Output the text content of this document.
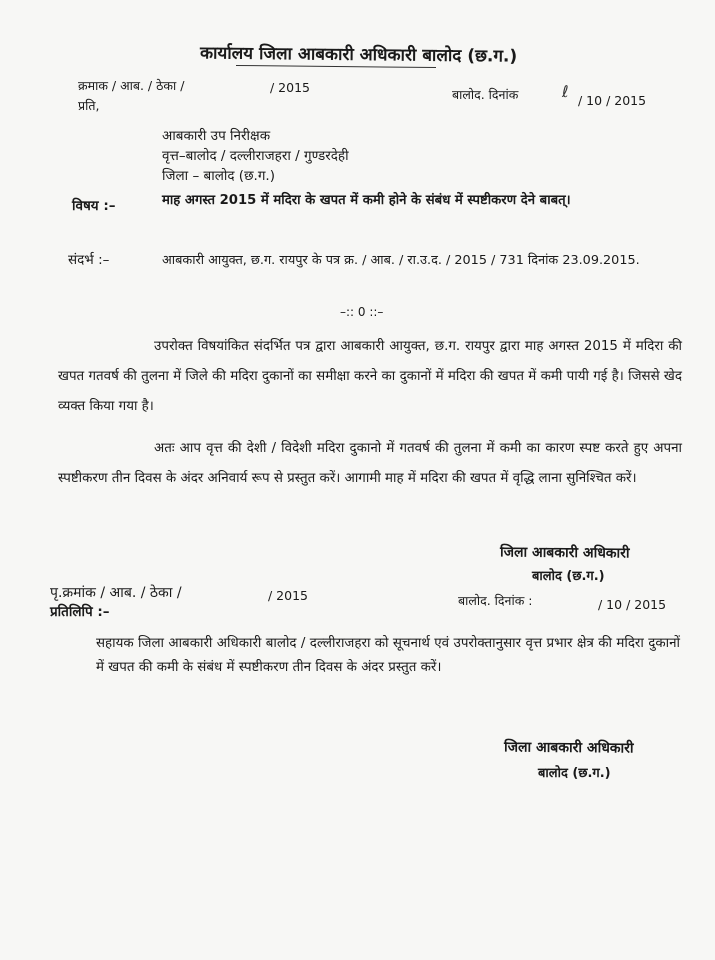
कार्यालय जिला आबकारी अधिकारी बालोद (छ.ग.)
क्रमाक / आब. / ठेका /	/ 2015
प्रति,
बालोद. दिनांक	ℓ / 10 / 2015
आबकारी उप निरीक्षक
वृत्त–बालोद / दल्लीराजहरा / गुण्डरदेही
जिला – बालोद (छ.ग.)
विषय :–	माह अगस्त 2015 में मदिरा के खपत में कमी होने के संबंध में स्पष्टीकरण देने बाबत्।
संदर्भ :–	आबकारी आयुक्त, छ.ग. रायपुर के पत्र क्र. / आब. / रा.उ.द. / 2015 / 731 दिनांक 23.09.2015.
–:: 0 ::–
उपरोक्त विषयांकित संदर्भित पत्र द्वारा आबकारी आयुक्त, छ.ग. रायपुर द्वारा माह अगस्त 2015 में मदिरा की खपत गतवर्ष की तुलना में जिले की मदिरा दुकानों का समीक्षा करने का दुकानों में मदिरा की खपत में कमी पायी गई है। जिससे खेद व्यक्त किया गया है।
अतः आप वृत्त की देशी / विदेशी मदिरा दुकानो में गतवर्ष की तुलना में कमी का कारण स्पष्ट करते हुए अपना स्पष्टीकरण तीन दिवस के अंदर अनिवार्य रूप से प्रस्तुत करें। आगामी माह में मदिरा की खपत में वृद्धि लाना सुनिश्चित करें।
जिला आबकारी अधिकारी
बालोद (छ.ग.)
पृ.क्रमांक / आब. / ठेका /	/ 2015
प्रतिलिपि :–
बालोद. दिनांक :	/ 10 / 2015
सहायक जिला आबकारी अधिकारी बालोद / दल्लीराजहरा को सूचनार्थ एवं उपरोक्तानुसार वृत्त प्रभार क्षेत्र की मदिरा दुकानों में खपत की कमी के संबंध में स्पष्टीकरण तीन दिवस के अंदर प्रस्तुत करें।
जिला आबकारी अधिकारी
बालोद (छ.ग.)
